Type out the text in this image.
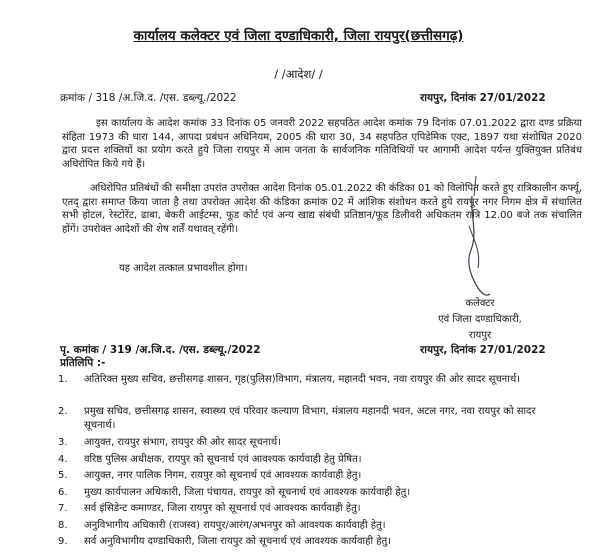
कार्यालय कलेक्टर एवं जिला दण्डाधिकारी, जिला रायपुर(छत्तीसगढ़)
/ /आदेश/ /
क्रमांक / 318 /अ.जि.द. /एस. डब्ल्यू./2022	रायपुर, दिनांक 27/01/2022
इस कार्यालय के आदेश कमांक 33 दिनांक 05 जनवरी 2022 सहपठित आदेश कमांक 79 दिनांक 07.01.2022 द्वारा दण्ड प्रक्रिया संहिता 1973 की धारा 144, आपदा प्रबंधन अधिनियम, 2005 की धारा 30, 34 सहपठित एपिडेमिक एक्ट, 1897 यथा संशोधित 2020 द्वारा प्रदत्त शक्तियों का प्रयोग करते हुये जिला रायपुर में आम जनता के सार्वजनिक गतिविधियों पर आगामी आदेश पर्यन्त युक्तियुक्त प्रतिबंध अधिरोपित किये गये हैं।
अधिरोपित प्रतिबंधों की समीक्षा उपरांत उपरोक्त आदेश दिनांक 05.01.2022 की कंडिका 01 को विलोपित करते हुए रात्रिकालीन कर्फ्यू, एतद् द्वारा समाप्त किया जाता है तथा उपरोक्त आदेश की कंडिका क्रमांक 02 में आंशिक संशोधन करते हुये रायपुर नगर निगम क्षेत्र में संचालित सभी होटल, रेस्टोरेंट, ढाबा, बेकरी आईटम्स, फूड कोर्ट एवं अन्य खाद्य संबंधी प्रतिष्ठान/फूड डिलीवरी अधिकतम रात्रि 12.00 बजे तक संचालित होंगें। उपरोक्त आदेशों की शेष शर्तें यथावत् रहेंगी।
यह आदेश तत्काल प्रभावशील होगा।
कलेक्टर
एवं जिला दण्डाधिकारी,
रायपुर
पृ. कमांक / 319 /अ.जि.द. /एस. डब्ल्यू./2022	रायपुर, दिनांक 27/01/2022
प्रतिलिपि :-
1. अतिरिक्त मुख्य सचिव, छत्तीसगढ़ शासन, गृह(पुलिस)विभाग, मंत्रालय, महानदी भवन, नवा रायपुर की ओर सादर सूचनार्थ।
2. प्रमुख सचिव, छत्तीसगढ़ शासन, स्वास्थ्य एवं परिवार कल्याण विभाग, मंत्रालय महानदी भवन, अटल नगर, नवा रायपुर को सादर सूचनार्थ।
3. आयुक्त, रायपुर संभाग, रायपुर की ओर सादर सूचनार्थ।
4. वरिष्ठ पुलिस अधीक्षक, रायपुर को सूचनार्थ एवं आवश्यक कार्यवाही हेतु प्रेषित।
5. आयुक्त, नगर पालिक निगम, रायपुर को सूचनार्थ एवं आवश्यक कार्यवाही हेतु।
6. मुख्य कार्यपालन अधिकारी, जिला पंचायत, रायपुर को सूचनार्थ एवं आवश्यक कार्यवाही हेतु।
7. सर्व इंसिडेन्ट कमाण्डर, जिला रायपुर को सूचनार्थ एवं आवश्यक कार्यवाही हेतु।
8. अनुविभागीय अधिकारी (राजस्व) रायपुर/आरंग/अभनपुर को आवश्यक कार्यवाही हेतु।
9. सर्व अनुविभागीय दण्डाधिकारी, जिला रायपुर को सूचनार्थ एवं आवश्यक कार्यवाही हेतु।
